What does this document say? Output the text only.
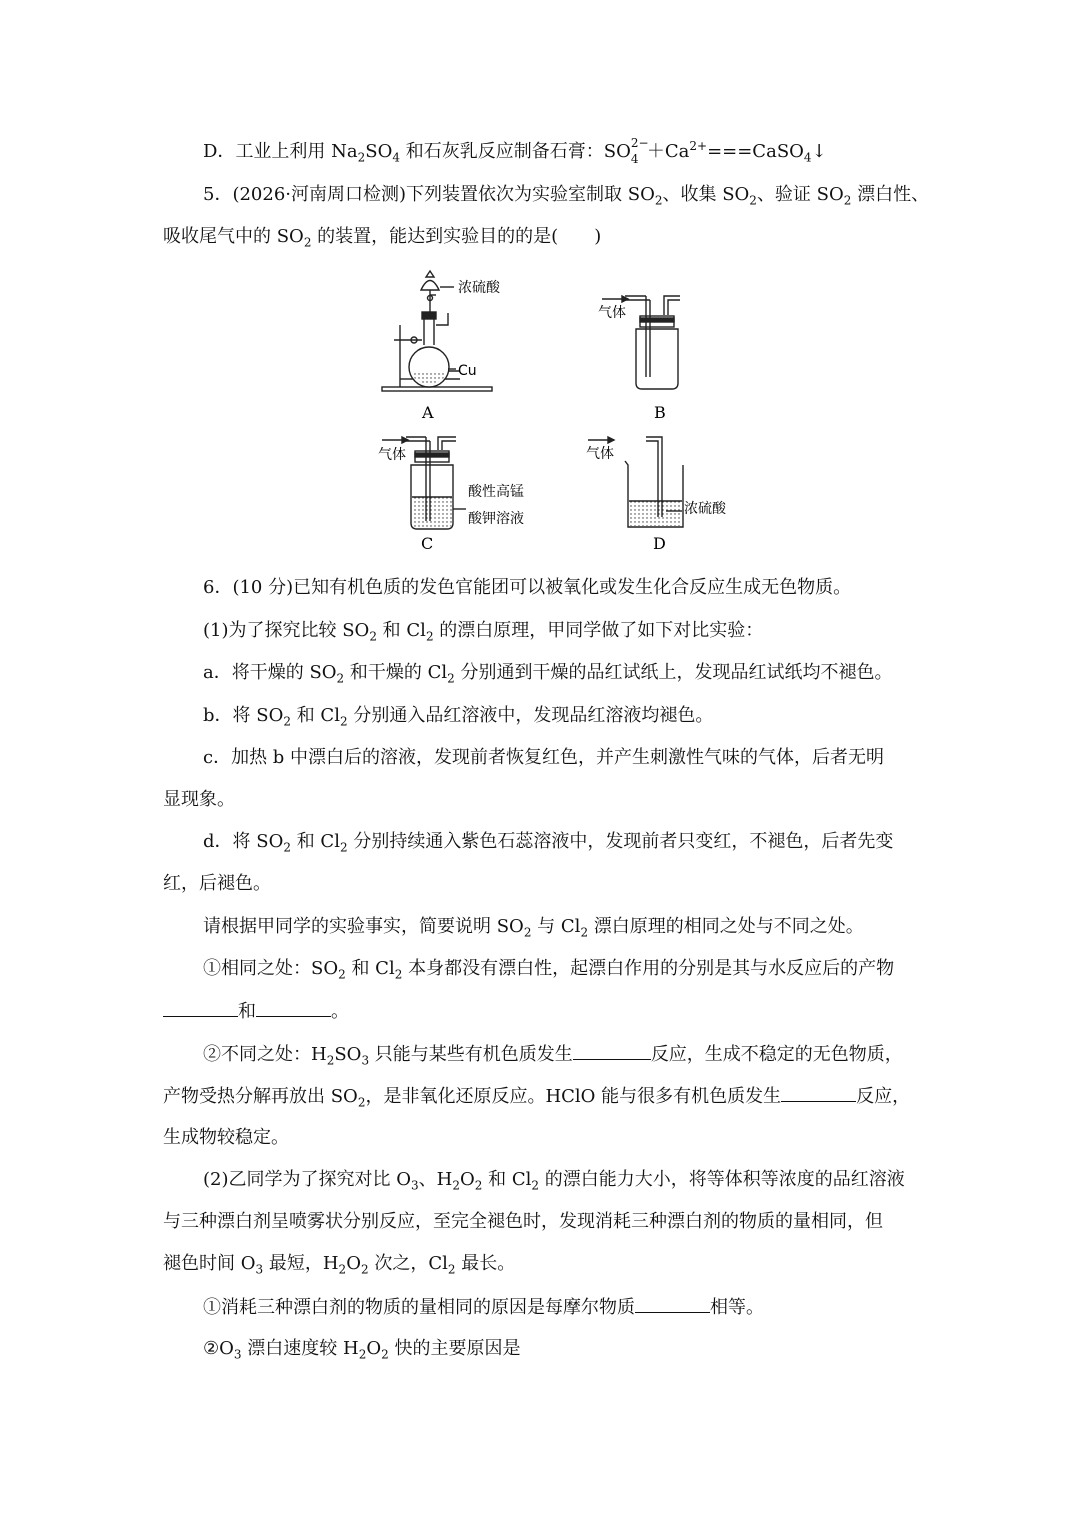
D．工业上利用 $Na_2SO_4$ 和石灰乳反应制备石膏：SO 2−
$4 +Ca^{2+}===CaSO_4↓$
5．(2026·河南周口检测)下列装置依次为实验室制取 $SO_2$、收集 $SO_2$、验证 $SO_2$ 漂白性、
吸收尾气中的 $SO_2$ 的装置，能达到实验目的的是(　　)
浓硫酸
Cu
A
气体
B
气体
酸性高锰
酸钾溶液
C
气体
浓硫酸
D
6．(10 分)已知有机色质的发色官能团可以被氧化或发生化合反应生成无色物质。
(1)为了探究比较 $SO_2$ 和 $Cl_2$ 的漂白原理，甲同学做了如下对比实验：
a．将干燥的 $SO_2$ 和干燥的 $Cl_2$ 分别通到干燥的品红试纸上，发现品红试纸均不褪色。
b．将 $SO_2$ 和 $Cl_2$ 分别通入品红溶液中，发现品红溶液均褪色。
c．加热 b 中漂白后的溶液，发现前者恢复红色，并产生刺激性气味的气体，后者无明
显现象。
d．将 $SO_2$ 和 $Cl_2$ 分别持续通入紫色石蕊溶液中，发现前者只变红，不褪色，后者先变
红，后褪色。
请根据甲同学的实验事实，简要说明 $SO_2$ 与 $Cl_2$ 漂白原理的相同之处与不同之处。
①相同之处：$SO_2$ 和 $Cl_2$ 本身都没有漂白性，起漂白作用的分别是其与水反应后的产物
和	。
②不同之处：$H_2SO_3$ 只能与某些有机色质发生	反应，生成不稳定的无色物质，
产物受热分解再放出 $SO_2$，是非氧化还原反应。HClO 能与很多有机色质发生	反应，
生成物较稳定。
(2)乙同学为了探究对比 $O_3$、$H_2O_2$ 和 $Cl_2$ 的漂白能力大小，将等体积等浓度的品红溶液
与三种漂白剂呈喷雾状分别反应，至完全褪色时，发现消耗三种漂白剂的物质的量相同，但
褪色时间 $O_3$ 最短，$H_2O_2$ 次之，$Cl_2$ 最长。
①消耗三种漂白剂的物质的量相同的原因是每摩尔物质	相等。
$②O_3$ 漂白速度较 $H_2O_2$ 快的主要原因是
